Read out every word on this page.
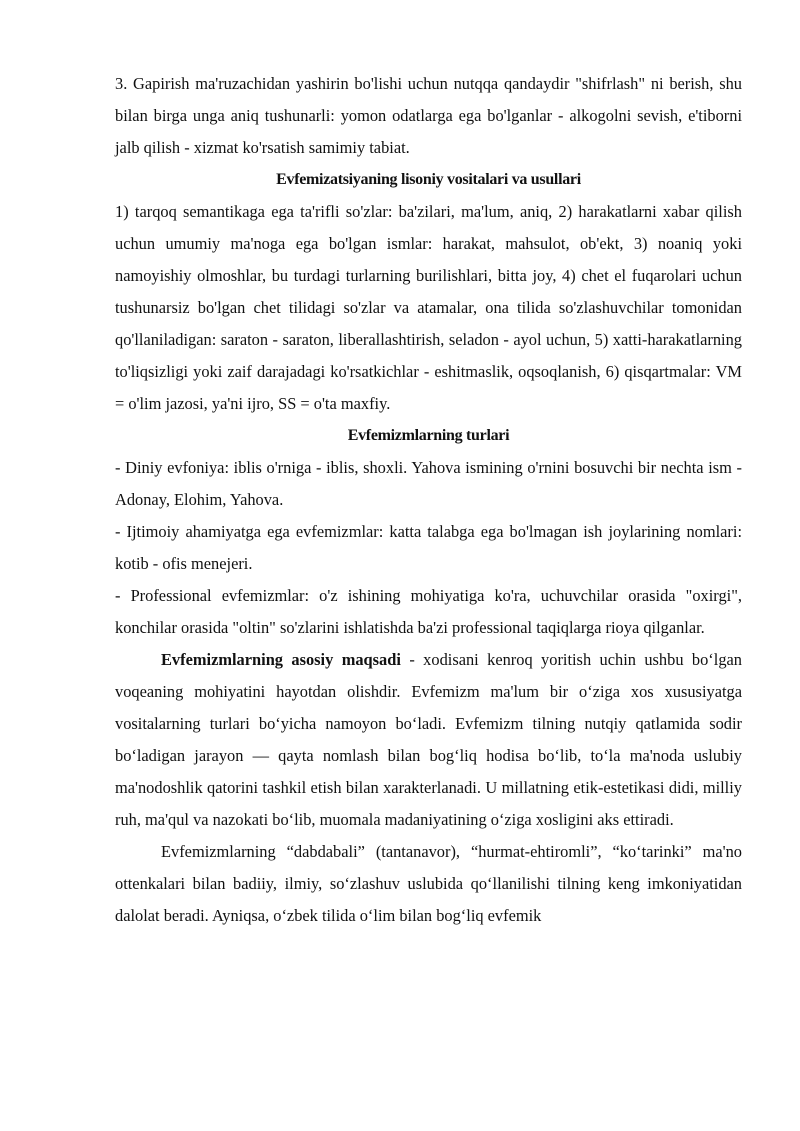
3. Gapirish ma'ruzachidan yashirin bo'lishi uchun nutqqa qandaydir "shifrlash" ni berish, shu bilan birga unga aniq tushunarli: yomon odatlarga ega bo'lganlar - alkogolni sevish, e'tiborni jalb qilish - xizmat ko'rsatish samimiy tabiat.

Evfemizatsiyaning lisoniy vositalari va usullari

1) tarqoq semantikaga ega ta'rifli so'zlar: ba'zilari, ma'lum, aniq, 2) harakatlarni xabar qilish uchun umumiy ma'noga ega bo'lgan ismlar: harakat, mahsulot, ob'ekt, 3) noaniq yoki namoyishiy olmoshlar, bu turdagi turlarning burilishlari, bitta joy, 4) chet el fuqarolari uchun tushunarsiz bo'lgan chet tilidagi so'zlar va atamalar, ona tilida so'zlashuvchilar tomonidan qo'llaniladigan: saraton - saraton, liberallashtirish, seladon - ayol uchun, 5) xatti-harakatlarning to'liqsizligi yoki zaif darajadagi ko'rsatkichlar - eshitmaslik, oqsoqlanish, 6) qisqartmalar: VM = o'lim jazosi, ya'ni ijro, SS = o'ta maxfiy.

Evfemizmlarning turlari

- Diniy evfoniya: iblis o'rniga - iblis, shoxli. Yahova ismining o'rnini bosuvchi bir nechta ism - Adonay, Elohim, Yahova.

- Ijtimoiy ahamiyatga ega evfemizmlar: katta talabga ega bo'lmagan ish joylarining nomlari: kotib - ofis menejeri.

- Professional evfemizmlar: o'z ishining mohiyatiga ko'ra, uchuvchilar orasida "oxirgi", konchilar orasida "oltin" so'zlarini ishlatishda ba'zi professional taqiqlarga rioya qilganlar.

Evfemizmlarning asosiy maqsadi - xodisani kenroq yoritish uchin ushbu boʻlgan voqeaning mohiyatini hayotdan olishdir. Evfemizm ma'lum bir oʻziga xos xususiyatga vositalarning turlari boʻyicha namoyon boʻladi. Evfemizm tilning nutqiy qatlamida sodir boʻladigan jarayon — qayta nomlash bilan bogʻliq hodisa boʻlib, toʻla ma'noda uslubiy ma'nodoshlik qatorini tashkil etish bilan xarakterlanadi. U millatning etik-estetikasi didi, milliy ruh, ma'qul va nazokati boʻlib, muomala madaniyatining oʻziga xosligini aks ettiradi.

Evfemizmlarning “dabdabali” (tantanavor), “hurmat-ehtiromli”, “koʻtarinki” ma'no ottenkalari bilan badiiy, ilmiy, soʻzlashuv uslubida qoʻllanilishi tilning keng imkoniyatidan dalolat beradi. Ayniqsa, oʻzbek tilida oʻlim bilan bogʻliq evfemik
